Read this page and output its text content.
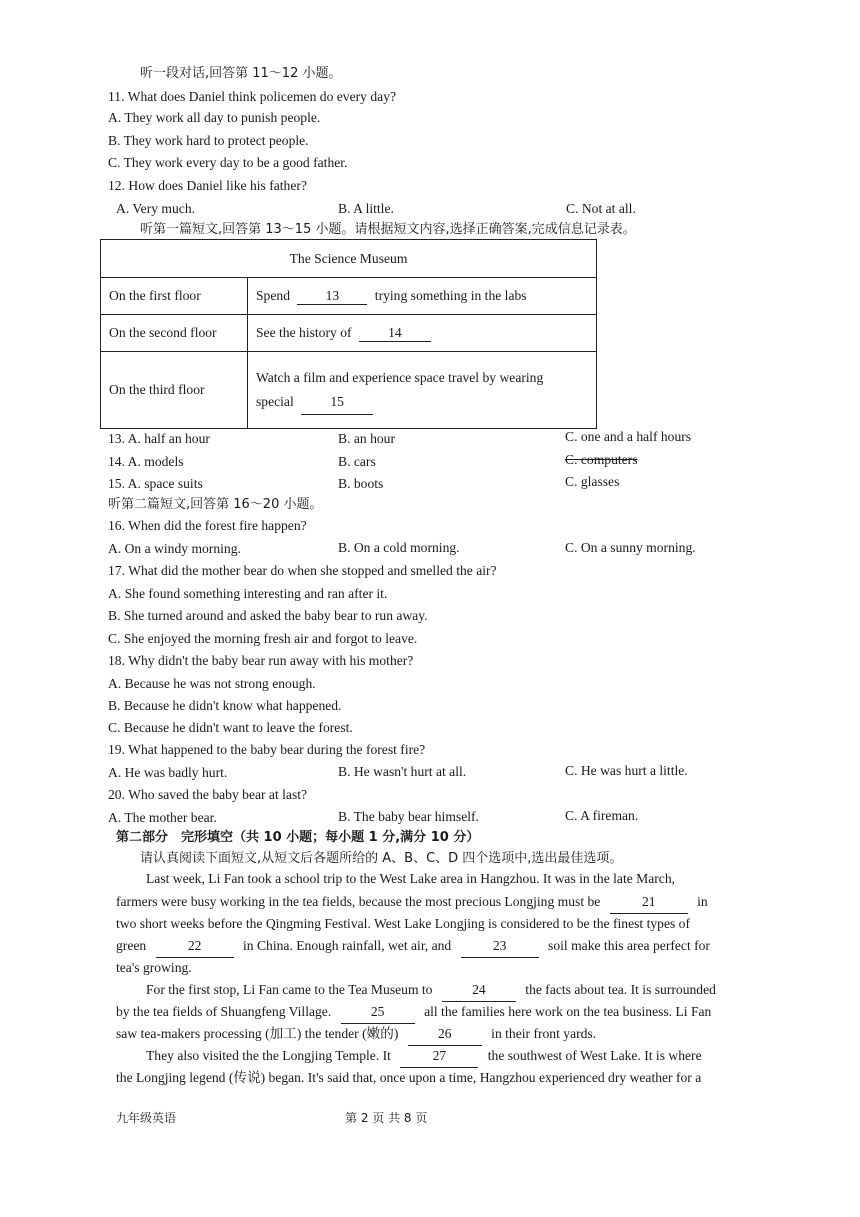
听一段对话,回答第 11～12 小题。
11. What does Daniel think policemen do every day?
A. They work all day to punish people.
B. They work hard to protect people.
C. They work every day to be a good father.
12. How does Daniel like his father?
A. Very much.	B. A little.	C. Not at all.
听第一篇短文,回答第 13～15 小题。请根据短文内容,选择正确答案,完成信息记录表。
The Science Museum	
On the first floor	Spend 13 trying something in the labs
On the second floor	See the history of 14
On the third floor	Watch a film and experience space travel by wearing
special 15
13. A. half an hour	B. an hour	C. one and a half hours
14. A. models	B. cars	C. computers
15. A. space suits	B. boots	C. glasses
听第二篇短文,回答第 16～20 小题。
16. When did the forest fire happen?
A. On a windy morning.	B. On a cold morning.	C. On a sunny morning.
17. What did the mother bear do when she stopped and smelled the air?
A. She found something interesting and ran after it.
B. She turned around and asked the baby bear to run away.
C. She enjoyed the morning fresh air and forgot to leave.
18. Why didn't the baby bear run away with his mother?
A. Because he was not strong enough.
B. Because he didn't know what happened.
C. Because he didn't want to leave the forest.
19. What happened to the baby bear during the forest fire?
A. He was badly hurt.	B. He wasn't hurt at all.	C. He was hurt a little.
20. Who saved the baby bear at last?
A. The mother bear.	B. The baby bear himself.	C. A fireman.
第二部分　完形填空（共 10 小题；每小题 1 分,满分 10 分）
请认真阅读下面短文,从短文后各题所给的 A、B、C、D 四个选项中,选出最佳选项。
Last week, Li Fan took a school trip to the West Lake area in Hangzhou. It was in the late March,
farmers were busy working in the tea fields, because the most precious Longjing must be	21	in
two short weeks before the Qingming Festival. West Lake Longjing is considered to be the finest types of
green	22	in China. Enough rainfall, wet air, and	23	soil make this area perfect for
tea's growing.
For the first stop, Li Fan came to the Tea Museum to	24	the facts about tea. It is surrounded
by the tea fields of Shuangfeng Village.	25	all the families here work on the tea business. Li Fan
saw tea-makers processing (加工) the tender (嫩的)	26	in their front yards.
They also visited the the Longjing Temple. It	27	the southwest of West Lake. It is where
the Longjing legend (传说) began. It's said that, once upon a time, Hangzhou experienced dry weather for a
九年级英语	第 2 页 共 8 页
